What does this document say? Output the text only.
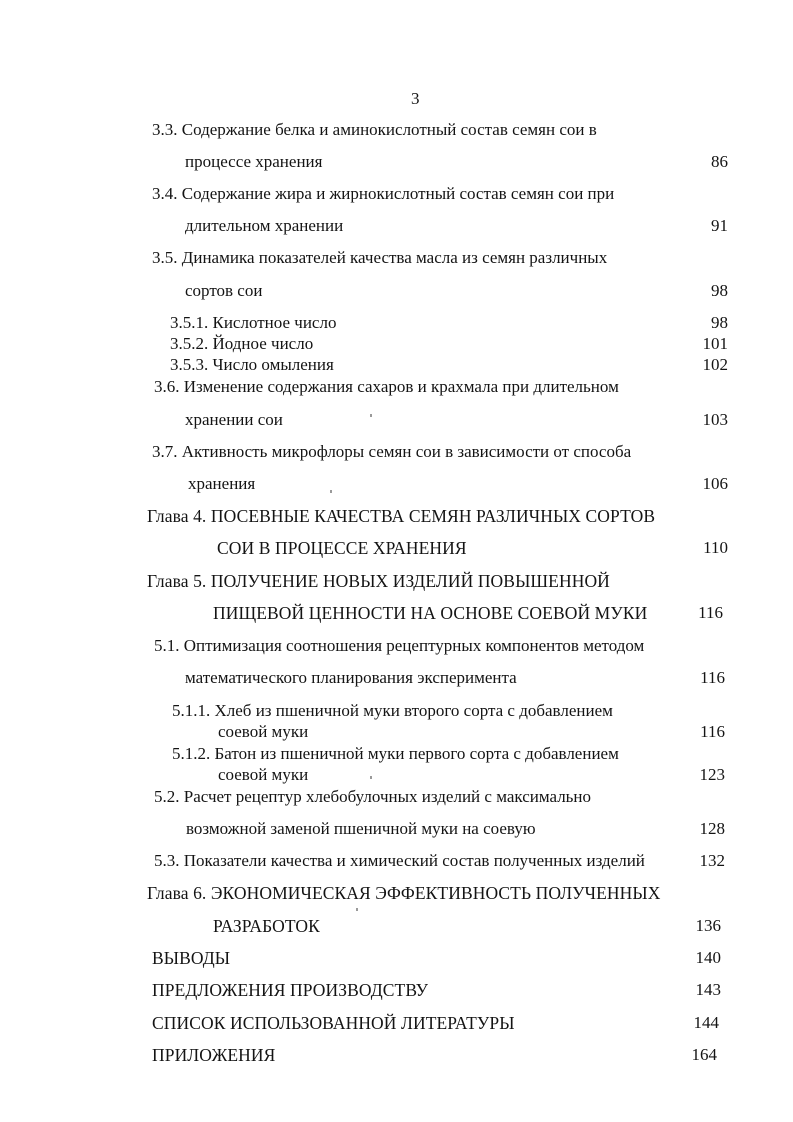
3
3.3. Содержание белка и аминокислотный состав семян сои в
процессе хранения	86
3.4. Содержание жира и жирнокислотный состав семян сои при
длительном хранении	91
3.5. Динамика показателей качества масла из семян различных
сортов сои	98
3.5.1. Кислотное число	98
3.5.2. Йодное число	101
3.5.3. Число омыления	102
3.6. Изменение содержания сахаров и крахмала при длительном
хранении сои	103
3.7. Активность микрофлоры семян сои в зависимости от способа
хранения	106
Глава 4. ПОСЕВНЫЕ КАЧЕСТВА СЕМЯН РАЗЛИЧНЫХ СОРТОВ
СОИ В ПРОЦЕССЕ ХРАНЕНИЯ	110
Глава 5. ПОЛУЧЕНИЕ НОВЫХ ИЗДЕЛИЙ ПОВЫШЕННОЙ
ПИЩЕВОЙ ЦЕННОСТИ НА ОСНОВЕ СОЕВОЙ МУКИ	116
5.1. Оптимизация соотношения рецептурных компонентов методом
математического планирования эксперимента	116
5.1.1. Хлеб из пшеничной муки второго сорта с добавлением
соевой муки	116
5.1.2. Батон из пшеничной муки первого сорта с добавлением
соевой муки	123
5.2. Расчет рецептур хлебобулочных изделий с максимально
возможной заменой пшеничной муки на соевую	128
5.3. Показатели качества и химический состав полученных изделий	132
Глава 6. ЭКОНОМИЧЕСКАЯ ЭФФЕКТИВНОСТЬ ПОЛУЧЕННЫХ
РАЗРАБОТОК	136
ВЫВОДЫ	140
ПРЕДЛОЖЕНИЯ ПРОИЗВОДСТВУ	143
СПИСОК ИСПОЛЬЗОВАННОЙ ЛИТЕРАТУРЫ	144
ПРИЛОЖЕНИЯ	164
